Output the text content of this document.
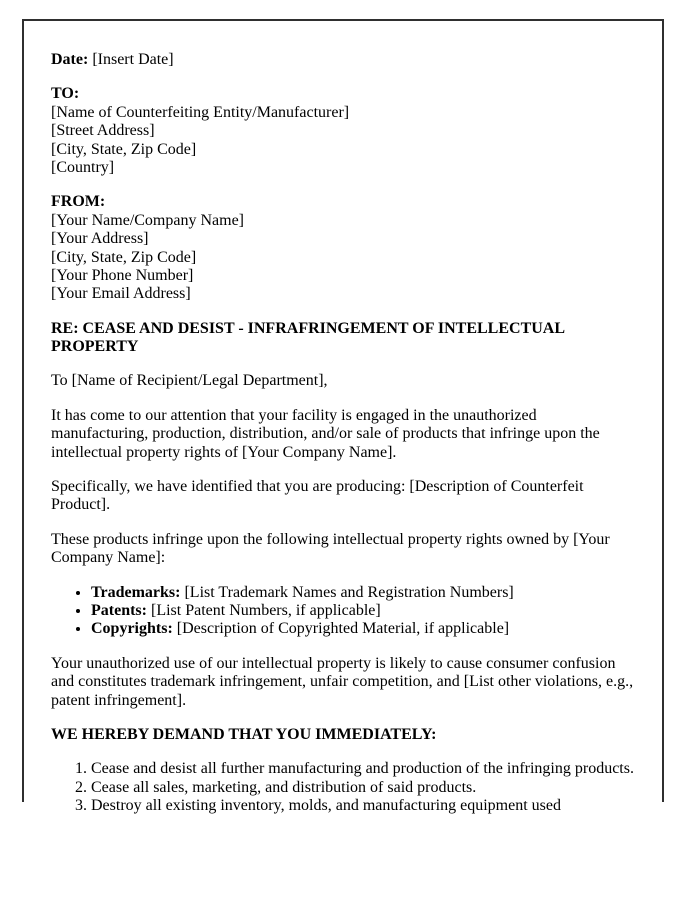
Date: [Insert Date]

TO:
[Name of Counterfeiting Entity/Manufacturer]
[Street Address]
[City, State, Zip Code]
[Country]

FROM:
[Your Name/Company Name]
[Your Address]
[City, State, Zip Code]
[Your Phone Number]
[Your Email Address]

RE: CEASE AND DESIST - INFRAFRINGEMENT OF INTELLECTUAL PROPERTY

To [Name of Recipient/Legal Department],

It has come to our attention that your facility is engaged in the unauthorized manufacturing, production, distribution, and/or sale of products that infringe upon the intellectual property rights of [Your Company Name].

Specifically, we have identified that you are producing: [Description of Counterfeit Product].

These products infringe upon the following intellectual property rights owned by [Your Company Name]:

• Trademarks: [List Trademark Names and Registration Numbers]
• Patents: [List Patent Numbers, if applicable]
• Copyrights: [Description of Copyrighted Material, if applicable]

Your unauthorized use of our intellectual property is likely to cause consumer confusion and constitutes trademark infringement, unfair competition, and [List other violations, e.g., patent infringement].

WE HEREBY DEMAND THAT YOU IMMEDIATELY:

1. Cease and desist all further manufacturing and production of the infringing products.
2. Cease all sales, marketing, and distribution of said products.
3. Destroy all existing inventory, molds, and manufacturing equipment used
